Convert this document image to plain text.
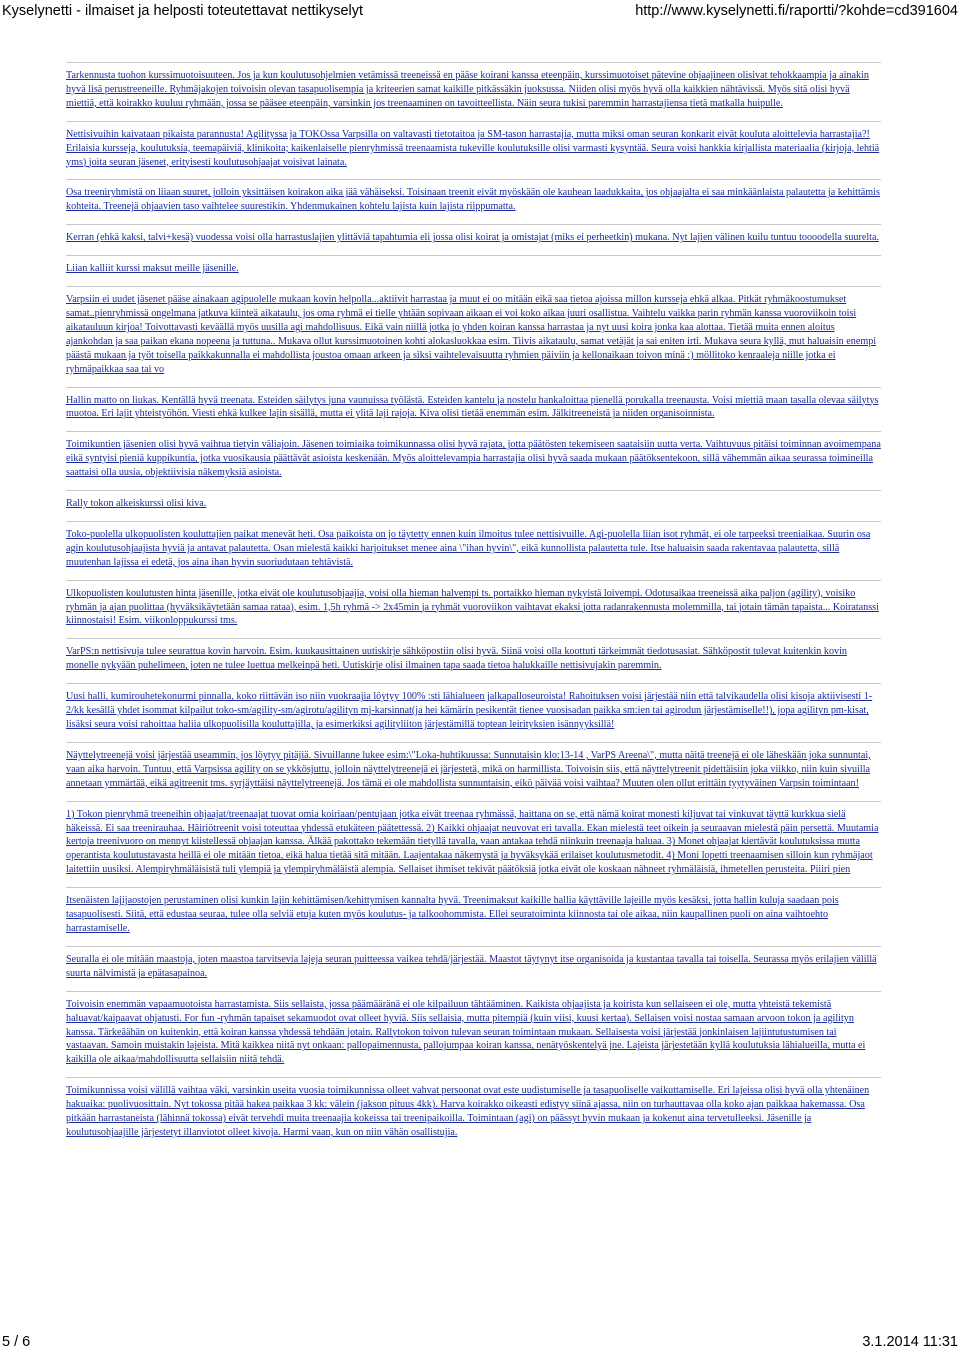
Kyselynetti - ilmaiset ja helposti toteutettavat nettikyselyt	http://www.kyselynetti.fi/raportti/?kohde=cd391604

Tarkennusta tuohon kurssimuotoisuuteen. Jos ja kun koulutusohjelmien vetämissä treeneissä en pääse koirani kanssa eteenpäin, kurssimuotoiset pätevine ohjaajineen olisivat tehokkaampia ja ainakin hyvä lisä perustreeneille. Ryhmäjakojen toivoisin olevan tasapuolisempia ja kriteerien samat kaikille pitkässäkin juoksussa. Niiden olisi myös hyvä olla kaikkien nähtävissä. Myös sitä olisi hyvä miettiä, että koirakko kuuluu ryhmään, jossa se pääsee eteenpäin, varsinkin jos treenaaminen on tavoitteellista. Näin seura tukisi paremmin harrastajiensa tietä matkalla huipulle.

Nettisivuihin kaivataan pikaista parannusta! Agilityssa ja TOKOssa Varpsilla on valtavasti tietotaitoa ja SM-tason harrastajia, mutta miksi oman seuran konkarit eivät kouluta aloittelevia harrastajia?! Erilaisia kursseja, koulutuksia, teemapäiviä, klinikoita; kaikenlaiselle pienryhmissä treenaamista tukeville koulutuksille olisi varmasti kysyntää. Seura voisi hankkia kirjallista materiaalia (kirjoja, lehtiä yms) joita seuran jäsenet, erityisesti koulutusohjaajat voisivat lainata.

Osa treeniryhmistä on liiaan suuret, jolloin yksittäisen koirakon aika jää vähäiseksi. Toisinaan treenit eivät myöskään ole kauhean laadukkaita, jos ohjaajalta ei saa minkäänlaista palautetta ja kehittämis kohteita. Treenejä ohjaavien taso vaihtelee suurestikin. Yhdenmukainen kohtelu lajista kuin lajista riippumatta.

Kerran (ehkä kaksi, talvi+kesä) vuodessa voisi olla harrastuslajien ylittäviä tapahtumia eli jossa olisi koirat ja omistajat (miks ei perheetkin) mukana. Nyt lajien välinen kuilu tuntuu toooodella suurelta.

Liian kalliit kurssi maksut meille jäsenille.

Varpsiin ei uudet jäsenet pääse ainakaan agipuolelle mukaan kovin helpolla...aktiivit harrastaa ja muut ei oo mitään eikä saa tietoa ajoissa millon kursseja ehkä alkaa. Pitkät ryhmäkoostumukset samat..pienryhmissä ongelmana jatkuva kiinteä aikataulu, jos oma ryhmä ei tielle yhtään sopivaan aikaan ei voi koko aikaa juuri osallistua. Vaihtelu vaikka parin ryhmän kanssa vuoroviikoin toisi aikatauluun kirjoa! Toivottavasti keväällä myös uusilla agi mahdollisuus. Eikä vain niillä jotka jo yhden koiran kanssa harrastaa ja nyt uusi koira jonka kaa alottaa. Tietää muita ennen aloitus ajankohdan ja saa paikan ekana nopeena ja tuttuna.. Mukava ollut kurssimuotoinen kohti alokasluokkaa esim. Tiivis aikataulu, samat vetäjät ja sai eniten irti. Mukava seura kyllä, mut haluaisin enempi päästä mukaan ja työt toisella paikkakunnalla ei mahdollista joustoa omaan arkeen ja siksi vaihtelevaisuutta ryhmien päiviin ja kellonaikaan toivon minä :) möllitoko kenraaleja niille jotka ei ryhmäpaikkaa saa tai vo

Hallin matto on liukas. Kentällä hyvä treenata. Esteiden säilytys juna vaunuissa työlästä. Esteiden kantelu ja nostelu hankaloittaa pienellä porukalla treenausta. Voisi miettiä maan tasalla olevaa säilytys muotoa. Eri lajit yhteistyöhön. Viesti ehkä kulkee lajin sisällä, mutta ei ylitä laji rajoja. Kiva olisi tietää enemmän esim. Jälkitreeneistä ja niiden organisoinnista.

Toimikuntien jäsenien olisi hyvä vaihtua tietyin väliajoin. Jäsenen toimiaika toimikunnassa olisi hyvä rajata, jotta päätösten tekemiseen saataisiin uutta verta. Vaihtuvuus pitäisi toiminnan avoimempana eikä syntyisi pieniä kuppikuntia, jotka vuosikausia päättävät asioista keskenään. Myös aloittelevampia harrastajia olisi hyvä saada mukaan päätöksentekoon, sillä vähemmän aikaa seurassa toimineilla saattaisi olla uusia, objektiivisia näkemyksiä asioista.

Rally tokon alkeiskurssi olisi kiva.

Toko-puolella ulkopuolisten kouluttajien paikat menevät heti. Osa paikoista on jo täytetty ennen kuin ilmoitus tulee nettisivuille. Agi-puolella liian isot ryhmät, ei ole tarpeeksi treeniaikaa. Suurin osa agin koulutusohjaajista hyviä ja antavat palautetta. Osan mielestä kaikki harjoitukset menee aina \"ihan hyvin\", eikä kunnollista palautetta tule. Itse haluaisin saada rakentavaa palautetta, sillä muutenhan lajissa ei edetä, jos aina ihan hyvin suoriudutaan tehtävistä.

Ulkopuolisten koulutusten hinta jäsenille, jotka eivät ole koulutusohjaajia, voisi olla hieman halvempi ts. portaikko hieman nykyistä loivempi. Odotusaikaa treeneissä aika paljon (agility), voisiko ryhmän ja ajan puolittaa (hyväksikäytetään samaa rataa), esim. 1,5h ryhmä -> 2x45min ja ryhmät vuoroviikon vaihtavat ekaksi jotta radanrakennusta molemmilla, tai jotain tämän tapaista... Koiratanssi kiinnostaisi! Esim. viikonloppukurssi tms.

VarPS:n nettisivuja tulee seurattua kovin harvoin. Esim. kuukausittainen uutiskirje sähköpostiin olisi hyvä. Siinä voisi olla koottuti tärkeimmät tiedotusasiat. Sähköpostit tulevat kuitenkin kovin monelle nykyään puhelimeen, joten ne tulee luettua melkeinpä heti. Uutiskirje olisi ilmainen tapa saada tietoa halukkaille nettisivujakin paremmin.

Uusi halli, kumirouhetekonurmi pinnalla, koko riittävän iso niin vuokraajia löytyy 100% :sti lähialueen jalkapalloseuroista! Rahoituksen voisi järjestää niin että talvikaudella olisi kisoja aktiivisesti 1-2/kk kesällä yhdet isommat kilpailut toko-sm/agility-sm/agirotu/agilityn mj-karsinnat(ja hei kämärin pesikentät tienee vuosisadan paikka sm:ien tai agirodun järjestämiselle!!), jopa agilityn pm-kisat, lisäksi seura voisi rahoittaa haliia ulkopuolisilla kouluttajilla, ja esimerkiksi agilityliiton järjestämillä toptean leirityksien isännyyksillä!

Näyttelytreenejä voisi järjestää useammin, jos löytyy pitäjiä. Sivuillanne lukee esim:\"Loka-huhtikuussa: Sunnutaisin klo:13-14 , VarPS Areena\", mutta näitä treenejä ei ole läheskään joka sunnuntai, vaan aika harvoin. Tuntuu, että Varpsissa agility on se ykkösjuttu, jolloin näyttelytreenejä ei järjestetä, mikä on harmillista. Toivoisin siis, että näyttelytreenit pidettäisiin joka viikko, niin kuin sivuilla annetaan ymmärtää, eikä agitreenit tms. syrjäyttäisi näyttelytreenejä. Jos tämä ei ole mahdollista sunnuntaisin, eikö päivää voisi vaihtaa? Muuten olen ollut erittäin tyytyväinen Varpsin toimintaan!

1) Tokon pienryhmä treeneihin ohjaajat/treenaajat tuovat omia koiriaan/pentujaan jotka eivät treenaa ryhmässä, haittana on se, että nämä koirat monesti kiljuvat tai vinkuvat täyttä kurkkua sielä häkeissä. Ei saa treenirauhaa. Häiriötreenit voisi toteuttaa yhdessä etukäteen päätettessä. 2) Kaikki ohjaajat neuvovat eri tavalla. Ekan mielestä teet oikein ja seuraavan mielestä päin persettä. Muutamia kertoja treenivuoro on mennyt kiistellessä ohjaajan kanssa. Älkää pakottako tekemään tietyllä tavalla, vaan antakaa tehdä niinkuin treenaaja haluaa. 3) Monet ohjaajat kiertävät koulutuksissa mutta operantista koulutustavasta heillä ei ole mitään tietoa, eikä halua tietää sitä mitään. Laajentakaa näkemystä ja hyväksykää erilaiset koulutusmetodit. 4) Moni lopetti treenaamisen silloin kun ryhmäjaot laitettiin uusiksi. Alempiryhmäläisistä tuli ylempiä ja ylempiryhmäläistä alempia. Sellaiset ihmiset tekivät päätöksiä jotka eivät ole koskaan nähneet ryhmäläisiä, ihmetellen perusteita. Piiiri pien

Itsenäisten lajijaostojen perustaminen olisi kunkin lajin kehittämisen/kehittymisen kannalta hyvä. Treenimaksut kaikille hallia käyttäville lajeille myös kesäksi, jotta hallin kuluja saadaan pois tasapuolisesti. Siitä, että edustaa seuraa, tulee olla selviä etuja kuten myös koulutus- ja talkoohommista. Ellei seuratoiminta kiinnosta tai ole aikaa, niin kaupallinen puoli on aina vaihtoehto harrastamiselle.

Seuralla ei ole mitään maastoja, joten maastoa tarvitsevia lajeja seuran puitteessa vaikea tehdä/järjestää. Maastot täytynyt itse organisoida ja kustantaa tavalla tai toisella. Seurassa myös erilajien välillä suurta nälvimistä ja epätasapainoa.

Toivoisin enemmän vapaamuotoista harrastamista. Siis sellaista, jossa päämääränä ei ole kilpailuun tähtääminen. Kaikista ohjaajista ja koirista kun sellaiseen ei ole, mutta yhteistä tekemistä haluavat/kaipaavat ohjatusti. For fun -ryhmän tapaiset sekamuodot ovat olleet hyviä. Siis sellaisia, mutta pitempiä (kuin viisi, kuusi kertaa). Sellaisen voisi nostaa samaan arvoon tokon ja agilityn kanssa. Tärkeäähän on kuitenkin, että koiran kanssa yhdessä tehdään jotain. Rallytokon toivon tulevan seuran toimintaan mukaan. Sellaisesta voisi järjestää jonkinlaisen lajiintutustumisen tai vastaavan. Samoin muistakin lajeista. Mitä kaikkea niitä nyt onkaan: pallopaimennusta, pallojumpaa koiran kanssa, nenätyöskentelyä jne. Lajeista järjestetään kyllä koulutuksia lähialueilla, mutta ei kaikilla ole aikaa/mahdollisuutta sellaisiin niitä tehdä.

Toimikunnissa voisi välillä vaihtaa väki, varsinkin useita vuosia toimikunnissa olleet vahvat persoonat ovat este uudistumiselle ja tasapuoliselle vaikuttamiselle. Eri lajeissa olisi hyvä olla yhtenäinen hakuaika: puolivuosittain. Nyt tokossa pitää hakea paikkaa 3 kk: välein (jakson pituus 4kk). Harva koirakko oikeasti edistyy siinä ajassa, niin on turhauttavaa olla koko ajan paikkaa hakemassa. Osa pitkään harrastaneista (lähinnä tokossa) eivät tervehdi muita treenaajia kokeissa tai treenipaikoilla. Toimintaan (agi) on päässyt hyvin mukaan ja kokenut aina tervetulleeksi. Jäsenille ja koulutusohjaajille järjestetyt illanviotot olleet kivoja. Harmi vaan, kun on niin vähän osallistujia.

5 / 6	3.1.2014 11:31
